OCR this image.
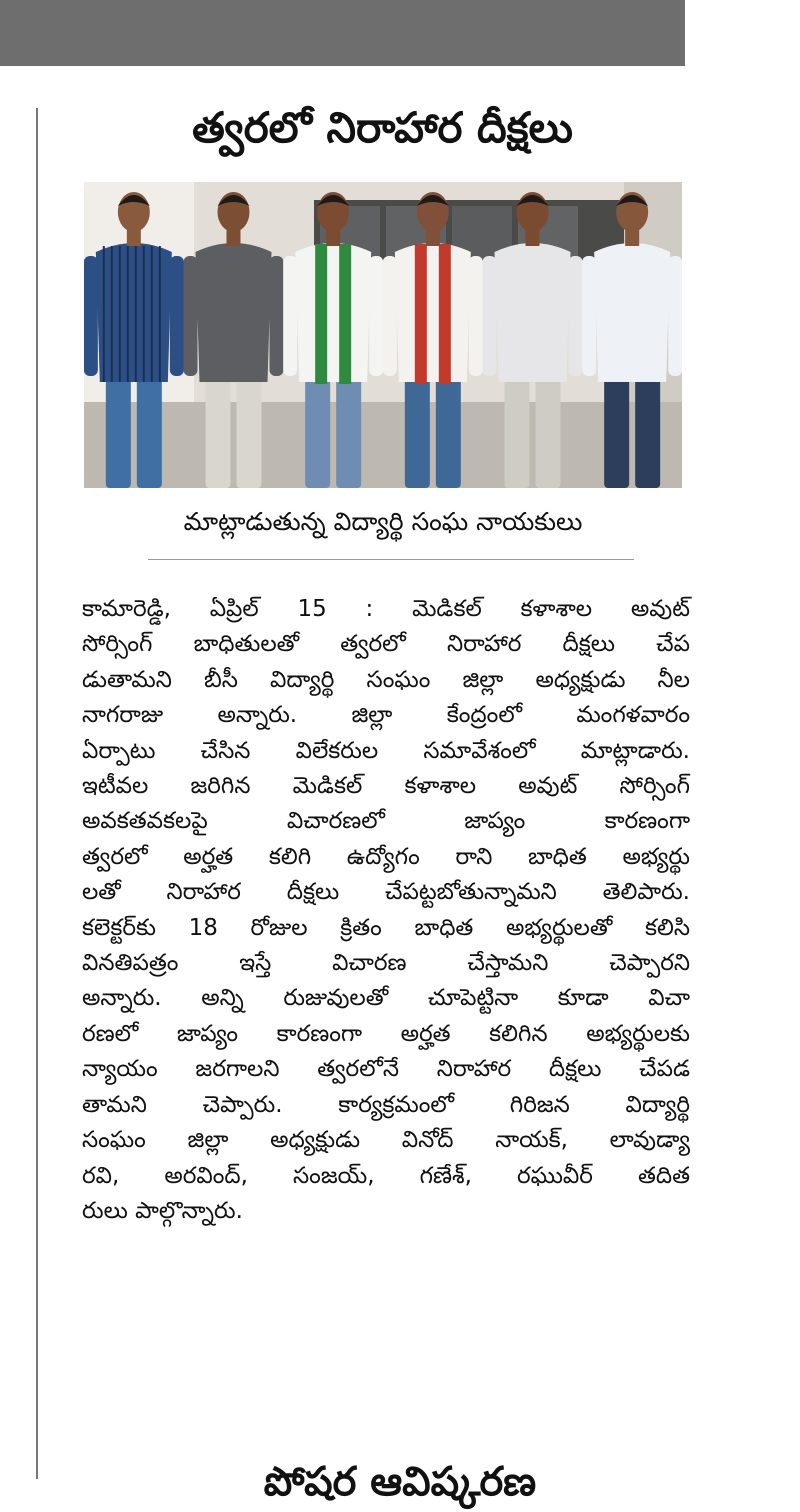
త్వరలో నిరాహార దీక్షలు
మాట్లాడుతున్న విద్యార్థి సంఘ నాయకులు
కామారెడ్డి, ఏప్రిల్ 15 : మెడికల్ కళాశాల అవుట్
సోర్సింగ్ బాధితులతో త్వరలో నిరాహార దీక్షలు చేప
డుతామని బీసీ విద్యార్థి సంఘం జిల్లా అధ్యక్షుడు నీల
నాగరాజు అన్నారు. జిల్లా కేంద్రంలో మంగళవారం
ఏర్పాటు చేసిన విలేకరుల సమావేశంలో మాట్లాడారు.
ఇటీవల జరిగిన మెడికల్ కళాశాల అవుట్ సోర్సింగ్
అవకతవకలపై విచారణలో జాప్యం కారణంగా
త్వరలో అర్హత కలిగి ఉద్యోగం రాని బాధిత అభ్యర్థు
లతో నిరాహార దీక్షలు చేపట్టబోతున్నామని తెలిపారు.
కలెక్టర్‌కు 18 రోజుల క్రితం బాధిత అభ్యర్థులతో కలిసి
వినతిపత్రం ఇస్తే విచారణ చేస్తామని చెప్పారని
అన్నారు. అన్ని రుజువులతో చూపెట్టినా కూడా విచా
రణలో జాప్యం కారణంగా అర్హత కలిగిన అభ్యర్థులకు
న్యాయం జరగాలని త్వరలోనే నిరాహార దీక్షలు చేపడ
తామని చెప్పారు. కార్యక్రమంలో గిరిజన విద్యార్థి
సంఘం జిల్లా అధ్యక్షుడు వినోద్ నాయక్, లావుడ్యా
రవి, అరవింద్, సంజయ్, గణేశ్, రఘువీర్ తదిత
రులు పాల్గొన్నారు.
పోషర ఆవిష్కరణ
